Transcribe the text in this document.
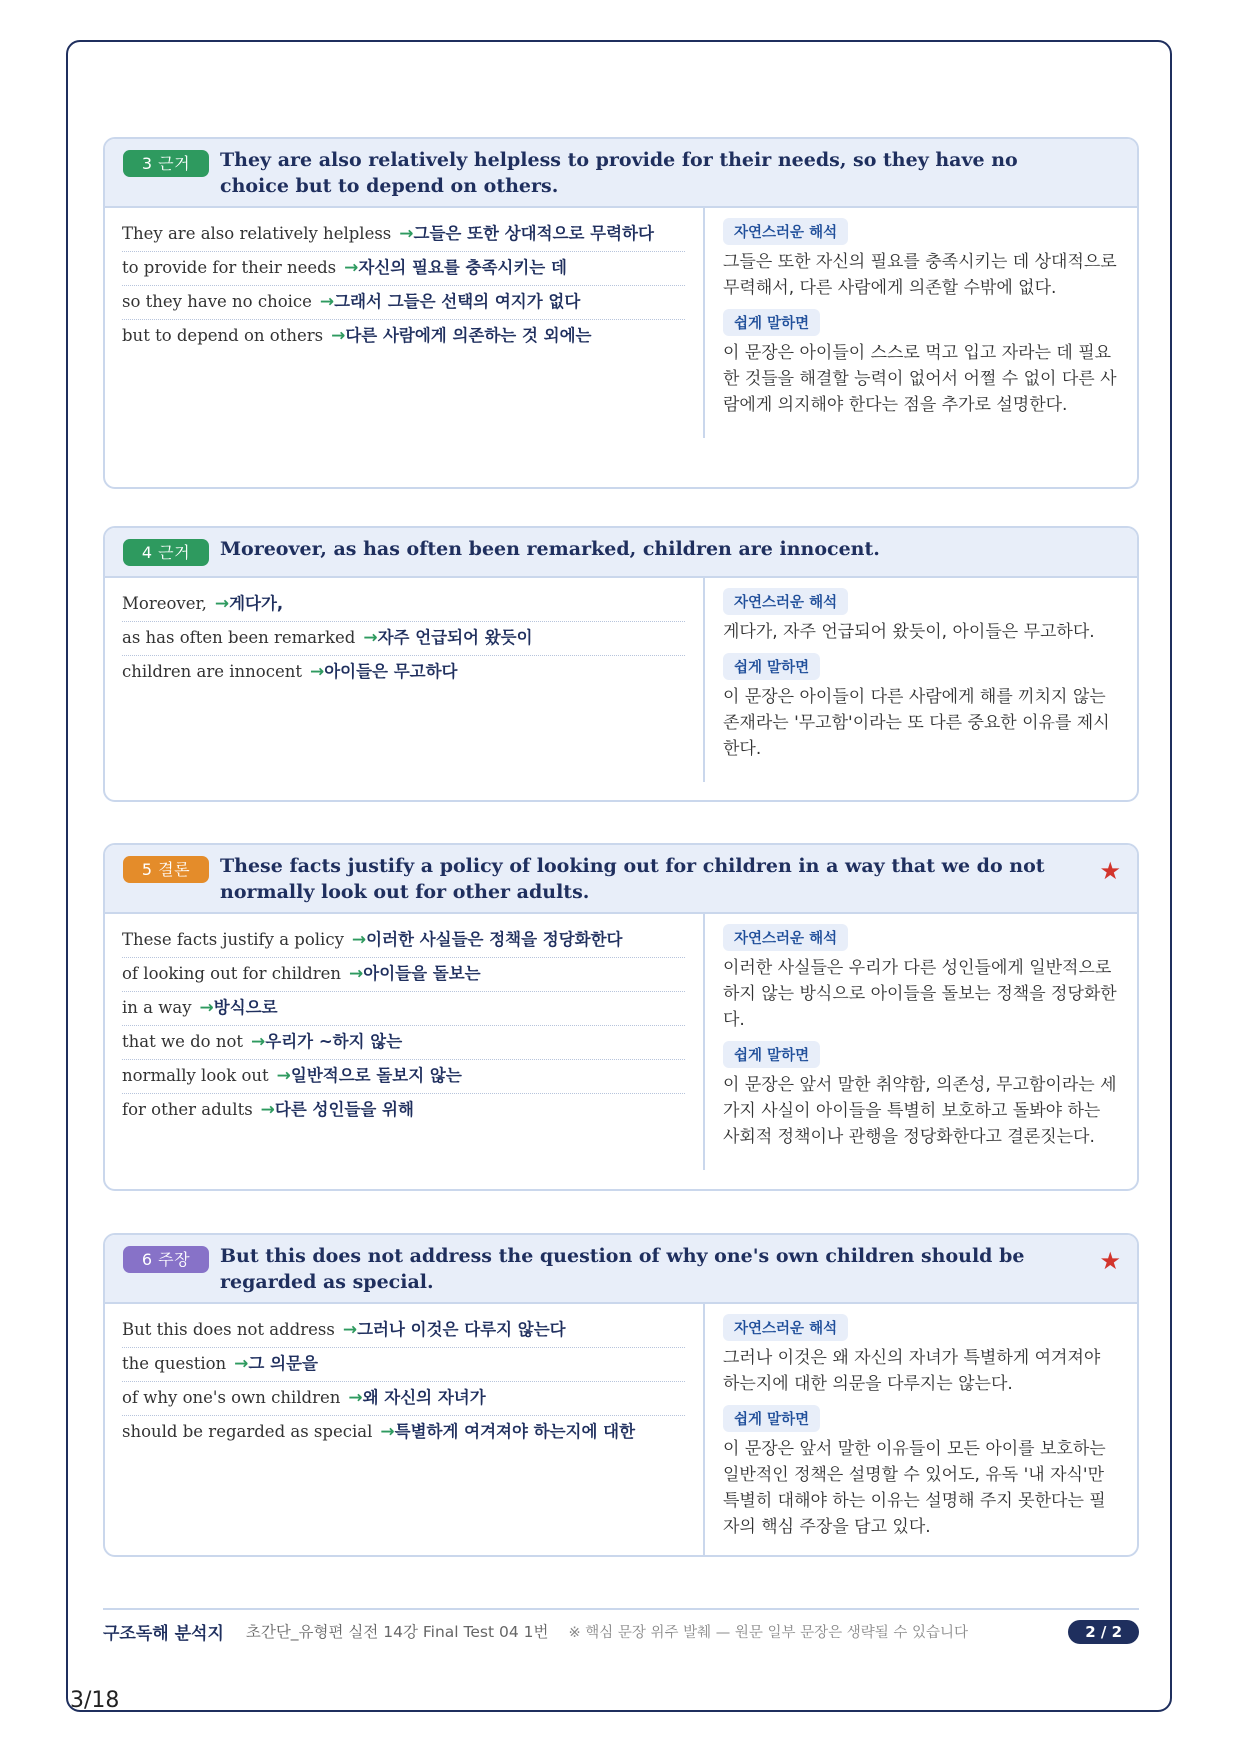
3 근거	They are also relatively helpless to provide for their needs, so they have no choice but to depend on others.
They are also relatively helpless →그들은 또한 상대적으로 무력하다
to provide for their needs →자신의 필요를 충족시키는 데
so they have no choice →그래서 그들은 선택의 여지가 없다
but to depend on others →다른 사람에게 의존하는 것 외에는
자연스러운 해석
그들은 또한 자신의 필요를 충족시키는 데 상대적으로 무력해서, 다른 사람에게 의존할 수밖에 없다.
쉽게 말하면
이 문장은 아이들이 스스로 먹고 입고 자라는 데 필요한 것들을 해결할 능력이 없어서 어쩔 수 없이 다른 사람에게 의지해야 한다는 점을 추가로 설명한다.
4 근거	Moreover, as has often been remarked, children are innocent.
Moreover, →게다가,
as has often been remarked →자주 언급되어 왔듯이
children are innocent →아이들은 무고하다
자연스러운 해석
게다가, 자주 언급되어 왔듯이, 아이들은 무고하다.
쉽게 말하면
이 문장은 아이들이 다른 사람에게 해를 끼치지 않는 존재라는 '무고함'이라는 또 다른 중요한 이유를 제시한다.
5 결론	These facts justify a policy of looking out for children in a way that we do not normally look out for other adults.
★
These facts justify a policy →이러한 사실들은 정책을 정당화한다
of looking out for children →아이들을 돌보는
in a way →방식으로
that we do not →우리가 ~하지 않는
normally look out →일반적으로 돌보지 않는
for other adults →다른 성인들을 위해
자연스러운 해석
이러한 사실들은 우리가 다른 성인들에게 일반적으로 하지 않는 방식으로 아이들을 돌보는 정책을 정당화한다.
쉽게 말하면
이 문장은 앞서 말한 취약함, 의존성, 무고함이라는 세 가지 사실이 아이들을 특별히 보호하고 돌봐야 하는 사회적 정책이나 관행을 정당화한다고 결론짓는다.
6 주장	But this does not address the question of why one's own children should be regarded as special.
★
But this does not address →그러나 이것은 다루지 않는다
the question →그 의문을
of why one's own children →왜 자신의 자녀가
should be regarded as special →특별하게 여겨져야 하는지에 대한
자연스러운 해석
그러나 이것은 왜 자신의 자녀가 특별하게 여겨져야 하는지에 대한 의문을 다루지는 않는다.
쉽게 말하면
이 문장은 앞서 말한 이유들이 모든 아이를 보호하는 일반적인 정책은 설명할 수 있어도, 유독 '내 자식'만 특별히 대해야 하는 이유는 설명해 주지 못한다는 필자의 핵심 주장을 담고 있다.
구조독해 분석지 초간단_유형편 실전 14강 Final Test 04 1번 ※ 핵심 문장 위주 발췌 — 원문 일부 문장은 생략될 수 있습니다	2 / 2
3/18
